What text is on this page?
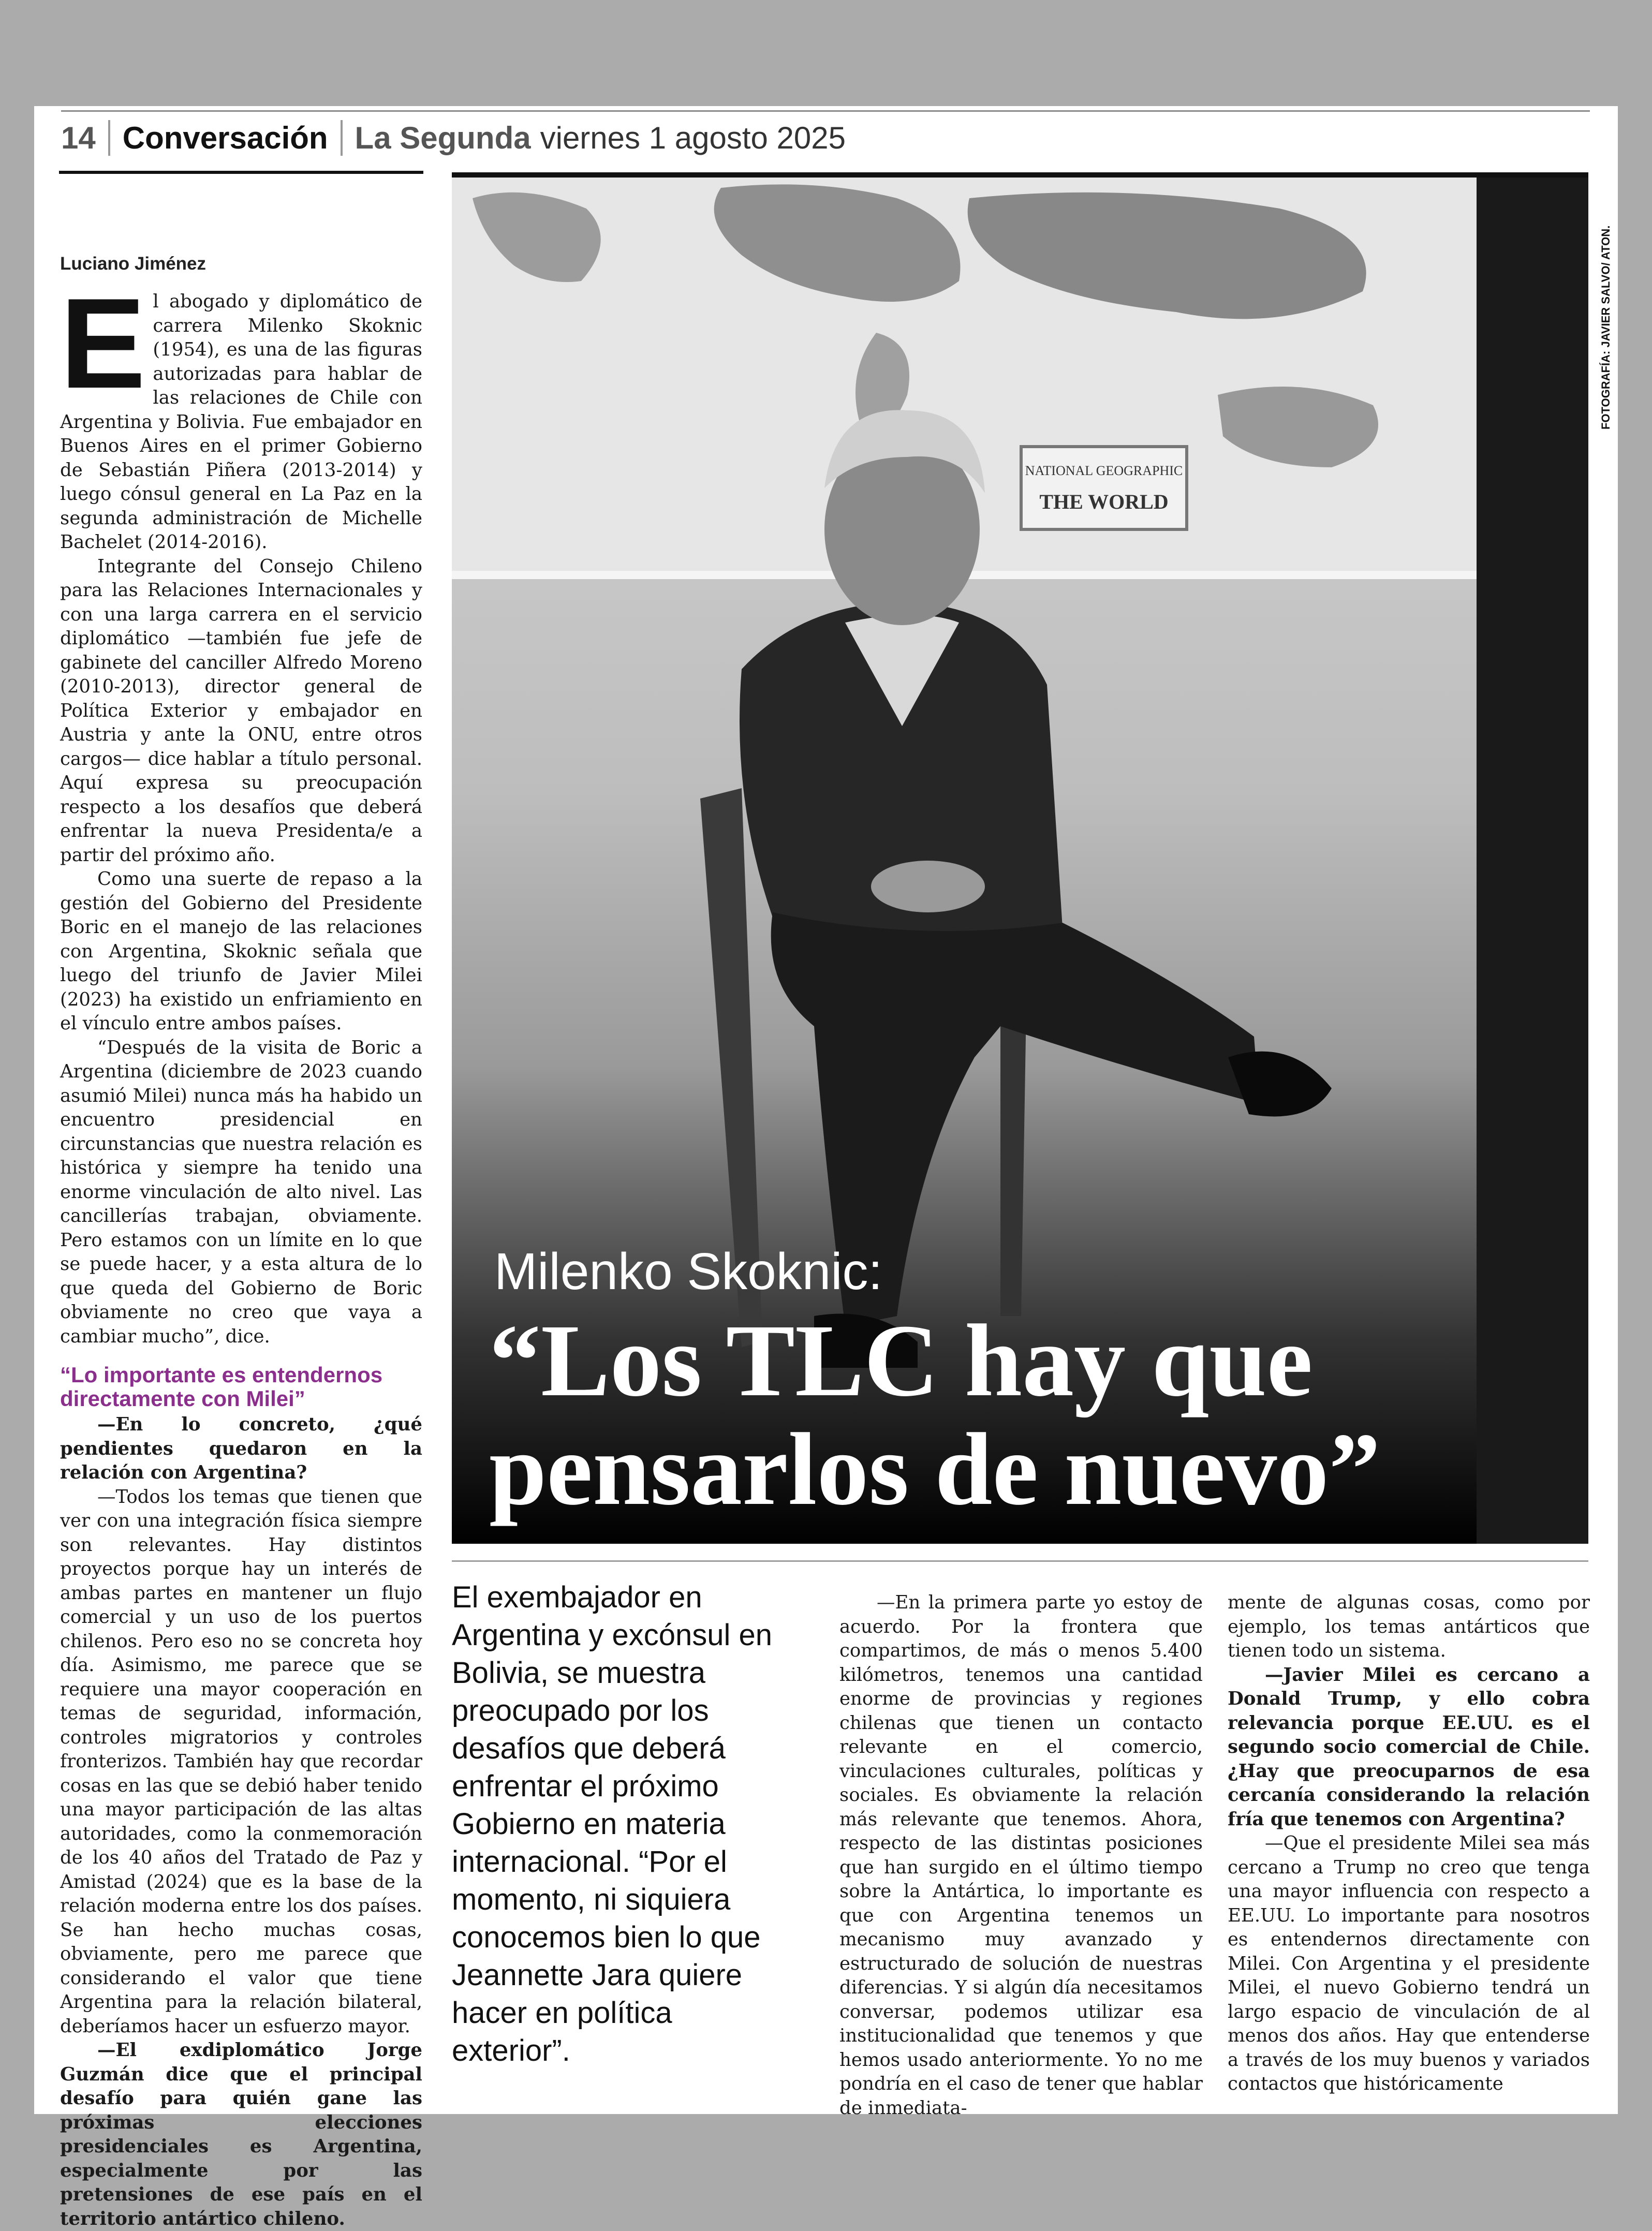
14 Conversación La Segunda viernes 1 agosto 2025
NATIONAL GEOGRAPHIC
THE WORLD
FOTOGRAFÍA: JAVIER SALVO/ ATON.
Milenko Skoknic:
“Los TLC hay que pensarlos de nuevo”
Luciano Jiménez

El abogado y diplomático de carrera Milenko Skoknic (1954), es una de las figuras autorizadas para hablar de las relaciones de Chile con Argentina y Bolivia. Fue embajador en Buenos Aires en el primer Gobierno de Sebastián Piñera (2013-2014) y luego cónsul general en La Paz en la segunda administración de Michelle Bachelet (2014-2016).

Integrante del Consejo Chileno para las Relaciones Internacionales y con una larga carrera en el servicio diplomático —también fue jefe de gabinete del canciller Alfredo Moreno (2010-2013), director general de Política Exterior y embajador en Austria y ante la ONU, entre otros cargos— dice hablar a título personal. Aquí expresa su preocupación respecto a los desafíos que deberá enfrentar la nueva Presidenta/e a partir del próximo año.

Como una suerte de repaso a la gestión del Gobierno del Presidente Boric en el manejo de las relaciones con Argentina, Skoknic señala que luego del triunfo de Javier Milei (2023) ha existido un enfriamiento en el vínculo entre ambos países.

“Después de la visita de Boric a Argentina (diciembre de 2023 cuando asumió Milei) nunca más ha habido un encuentro presidencial en circunstancias que nuestra relación es histórica y siempre ha tenido una enorme vinculación de alto nivel. Las cancillerías trabajan, obviamente. Pero estamos con un límite en lo que se puede hacer, y a esta altura de lo que queda del Gobierno de Boric obviamente no creo que vaya a cambiar mucho”, dice.

“Lo importante es entendernos directamente con Milei”

—En lo concreto, ¿qué pendientes quedaron en la relación con Argentina?

—Todos los temas que tienen que ver con una integración física siempre son relevantes. Hay distintos proyectos porque hay un interés de ambas partes en mantener un flujo comercial y un uso de los puertos chilenos. Pero eso no se concreta hoy día. Asimismo, me parece que se requiere una mayor cooperación en temas de seguridad, información, controles migratorios y controles fronterizos. También hay que recordar cosas en las que se debió haber tenido una mayor participación de las altas autoridades, como la conmemoración de los 40 años del Tratado de Paz y Amistad (2024) que es la base de la relación moderna entre los dos países. Se han hecho muchas cosas, obviamente, pero me parece que considerando el valor que tiene Argentina para la relación bilateral, deberíamos hacer un esfuerzo mayor.

—El exdiplomático Jorge Guzmán dice que el principal desafío para quién gane las próximas elecciones presidenciales es Argentina, especialmente por las pretensiones de ese país en el territorio antártico chileno.

El exembajador en Argentina y excónsul en Bolivia, se muestra preocupado por los desafíos que deberá enfrentar el próximo Gobierno en materia internacional. “Por el momento, ni siquiera conocemos bien lo que Jeannette Jara quiere hacer en política exterior”.

—En la primera parte yo estoy de acuerdo. Por la frontera que compartimos, de más o menos 5.400 kilómetros, tenemos una cantidad enorme de provincias y regiones chilenas que tienen un contacto relevante en el comercio, vinculaciones culturales, políticas y sociales. Es obviamente la relación más relevante que tenemos. Ahora, respecto de las distintas posiciones que han surgido en el último tiempo sobre la Antártica, lo importante es que con Argentina tenemos un mecanismo muy avanzado y estructurado de solución de nuestras diferencias. Y si algún día necesitamos conversar, podemos utilizar esa institucionalidad que tenemos y que hemos usado anteriormente. Yo no me pondría en el caso de tener que hablar de inmediata-

mente de algunas cosas, como por ejemplo, los temas antárticos que tienen todo un sistema.

—Javier Milei es cercano a Donald Trump, y ello cobra relevancia porque EE.UU. es el segundo socio comercial de Chile. ¿Hay que preocuparnos de esa cercanía considerando la relación fría que tenemos con Argentina?

—Que el presidente Milei sea más cercano a Trump no creo que tenga una mayor influencia con respecto a EE.UU. Lo importante para nosotros es entendernos directamente con Milei. Con Argentina y el presidente Milei, el nuevo Gobierno tendrá un largo espacio de vinculación de al menos dos años. Hay que entenderse a través de los muy buenos y variados contactos que históricamente
